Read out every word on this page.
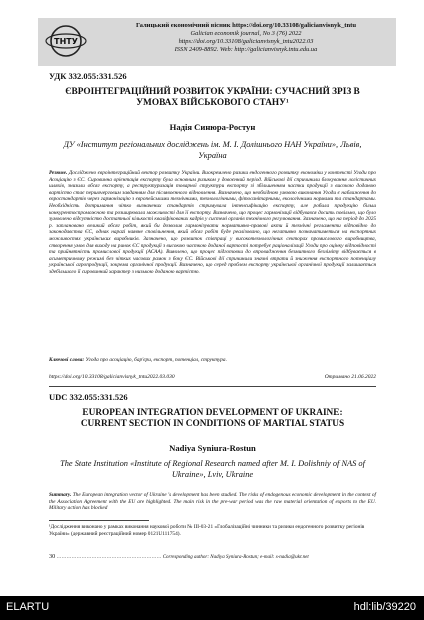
ТНТУ
Галицький економічний вісник https://doi.org/10.33108/galicianvisnyk_tntu
Galician economik journal, No 3 (76) 2022
https://doi.org/10.33108/galicianvisnyk_tntu2022.03
ISSN 2409-8892. Web: http://galicianvisnyk.tntu.edu.ua
УДК 332.055:331.526
ЄВРОІНТЕГРАЦІЙНИЙ РОЗВИТОК УКРАЇНИ: СУЧАСНИЙ ЗРІЗ В УМОВАХ ВІЙСЬКОВОГО СТАНУ¹
Надія Синюра-Ростун
ДУ «Інститут регіональних досліджень ім. М. І. Долішнього НАН України», Львів, Україна
Резюме. Досліджено євроінтеграційний вектор розвитку України. Виокремлено ризики ендогенного розвитку економіки у контексті Угоди про Асоціацію з ЄС. Сировинна орієнтація експорту була основним ризиком у довоєнний період. Військові дії спричинили блокування логістичних шляхів, знизили обсяг експорту, а реструктуризація товарної структури експорту зі збільшенням частки продукції з високою доданою вартістю стає першочерговим завданням для післявоєнного відновлення. Визначено, що необхідною умовою виконання Угоди є наближення до євростандартів через гармонізацію з європейськими технічними, технологічними, фітосанітарними, екологічними нормами та стандартами. Необхідність дотримання чітко визначених стандартів стримувала інтенсифікацію експорту, але робила продукцію більш конкурентоспроможною та розширювала можливості для її експорту. Визначено, що процес гармонізації відбувався досить повільно, що було зумовлено відсутністю достатньої кількості кваліфікованих кадрів у системі органів технічного регулювання. Зазначено, що на період до 2025 р. заплановано великий обсяг робіт, який би дозволив гармонізувати нормативно-правові акти й технічні регламенти відповідно до законодавства ЄС, однак нарazі наявне сповільнення, який обсяг робіт буде реалізовано, що негативно позначатиметься на експортних можливостях українських виробників. Зазначено, що розвиток співпраці у високотехнологічних секторах промислового виробництва, створення умов для виходу на ринок ЄС продукції з високою часткою доданої вартості потребує раціоналізації Угоди про оцінку відповідності та прийнятність промислової продукції (АСАА). Виявлено, що процес підготовки до впровадження безмитного безліміту відбувається в асиметричному режимі без чітких часових рамок з боку ЄС. Військові дії спричинили значні втрати й зниження експортного потенціалу української агропродукції, зокрема органічної продукції. Визначено, що серед проблем експорту української органічної продукції залишається здебільшого її сировинний характер з низькою доданою вартістю.
Ключові слова: Угода про асоціацію, бар'єри, експорт, потенціал, структура.
https://doi.org/10.33108/galicianvisnyk_tntu2022.03.030	Отримано 21.06.2022
UDC 332.055:331.526
EUROPEAN INTEGRATION DEVELOPMENT OF UKRAINE: CURRENT SECTION IN CONDITIONS OF MARTIAL STATUS
Nadiya Syniura-Rostun
The State Institution «Institute of Regional Research named after M. I. Dolishniy of NAS of Ukraine», Lviv, Ukraine
Summary. The European integration vector of Ukraine 's development has been studied. The risks of endogenous economic development in the context of the Association Agreement with the EU are highlighted. The main risk in the pre-war period was the raw material orientation of exports to the EU. Military action has blocked
¹Дослідження виконано у рамках виконання наукової роботи № ІІІ-03-21 «Глобалізаційні чинники та ризики ендогенного розвитку регіонів України» (державний реєстраційний номер 0121U111754).
30 ……………………………………………………… Corresponding author: Nadiya Syniura-Rostun; e-mail: s-nadia@ukr.net
ELARTU	hdl:lib/39220
